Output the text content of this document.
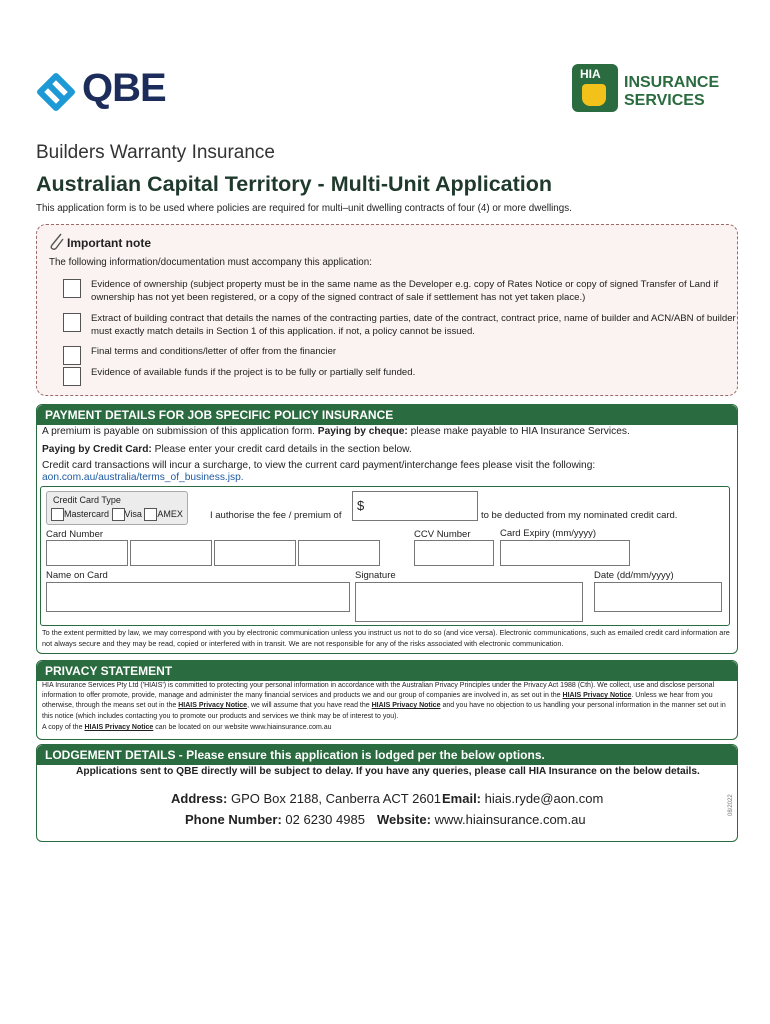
QBE	HIA INSURANCE
SERVICES
Builders Warranty Insurance
Australian Capital Territory - Multi-Unit Application
This application form is to be used where policies are required for multi–unit dwelling contracts of four (4) or more dwellings.
Important note
The following information/documentation must accompany this application:
Evidence of ownership (subject property must be in the same name as the Developer e.g. copy of Rates Notice or copy of signed Transfer of Land if ownership has not yet been registered, or a copy of the signed contract of sale if settlement has not yet taken place.)
Extract of building contract that details the names of the contracting parties, date of the contract, contract price, name of builder and ACN/ABN of builder must exactly match details in Section 1 of this application. if not, a policy cannot be issued.
Final terms and conditions/letter of offer from the financier
Evidence of available funds if the project is to be fully or partially self funded.
PAYMENT DETAILS FOR JOB SPECIFIC POLICY INSURANCE
A premium is payable on submission of this application form. Paying by cheque: please make payable to HIA Insurance Services.
Paying by Credit Card: Please enter your credit card details in the section below.
Credit card transactions will incur a surcharge, to view the current card payment/interchange fees please visit the following:
aon.com.au/australia/terms_of_business.jsp.
Credit Card Type
Mastercard Visa AMEX	I authorise the fee / premium of
$
to be deducted from my nominated credit card.
Card Number	CCV Number	Card Expiry (mm/yyyy)
Name on Card	Signature	Date (dd/mm/yyyy)
To the extent permitted by law, we may correspond with you by electronic communication unless you instruct us not to do so (and vice versa). Electronic communications, such as emailed credit card information are not always secure and they may be read, copied or interfered with in transit. We are not responsible for any of the risks associated with electronic communication.
PRIVACY STATEMENT
HIA Insurance Services Pty Ltd ('HIAIS') is committed to protecting your personal information in accordance with the Australian Privacy Principles under the Privacy Act 1988 (Cth). We collect, use and disclose personal information to offer promote, provide, manage and administer the many financial services and products we and our group of companies are involved in, as set out in the HIAIS Privacy Notice. Unless we hear from you otherwise, through the means set out in the HIAIS Privacy Notice, we will assume that you have read the HIAIS Privacy Notice and you have no objection to us handling your personal information in the manner set out in this notice (which includes contacting you to promote our products and services we think may be of interest to you).
A copy of the HIAIS Privacy Notice can be located on our website www.hiainsurance.com.au
LODGEMENT DETAILS - Please ensure this application is lodged per the below options.
Applications sent to QBE directly will be subject to delay. If you have any queries, please call HIA Insurance on the below details.
Address: GPO Box 2188, Canberra ACT 2601 Email: hiais.ryde@aon.com
Phone Number: 02 6230 4985 Website: www.hiainsurance.com.au
08/2022
